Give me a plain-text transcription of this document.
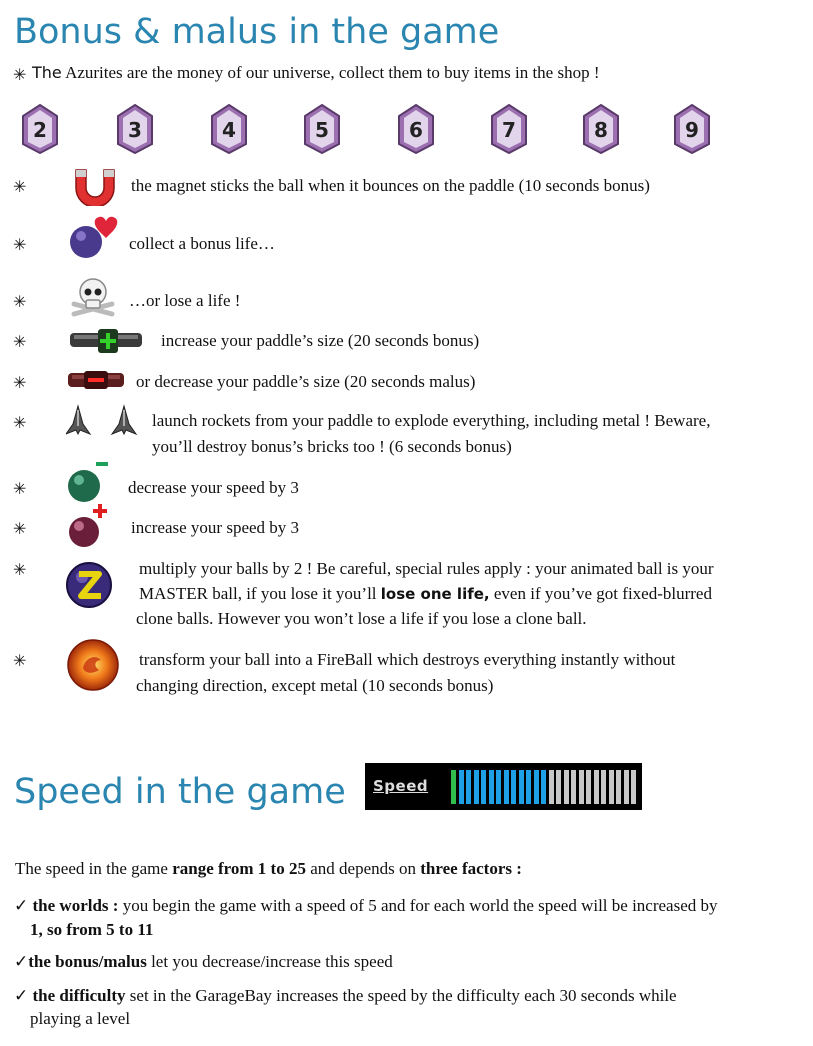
Bonus & malus in the game
✳ The Azurites are the money of our universe, collect them to buy items in the shop !
2	3	4	5	6	7	8	9
✳	the magnet sticks the ball when it bounces on the paddle (10 seconds bonus)
✳	collect a bonus life…
✳	…or lose a life !
✳	increase your paddle’s size (20 seconds bonus)
✳	or decrease your paddle’s size (20 seconds malus)
✳	launch rockets from your paddle to explode everything, including metal ! Beware,
you’ll destroy bonus’s bricks too ! (6 seconds bonus)
✳	decrease your speed by 3
✳	increase your speed by 3
✳	multiply your balls by 2 ! Be careful, special rules apply : your animated ball is your
MASTER ball, if you lose it you’ll lose one life, even if you’ve got fixed-blurred
clone balls. However you won’t lose a life if you lose a clone ball.
✳	transform your ball into a FireBall which destroys everything instantly without
changing direction, except metal (10 seconds bonus)
Speed in the game Speed
The speed in the game range from 1 to 25 and depends on three factors :
✓ the worlds : you begin the game with a speed of 5 and for each world the speed will be increased by
1, so from 5 to 11
✓the bonus/malus let you decrease/increase this speed
✓ the difficulty set in the GarageBay increases the speed by the difficulty each 30 seconds while
playing a level
